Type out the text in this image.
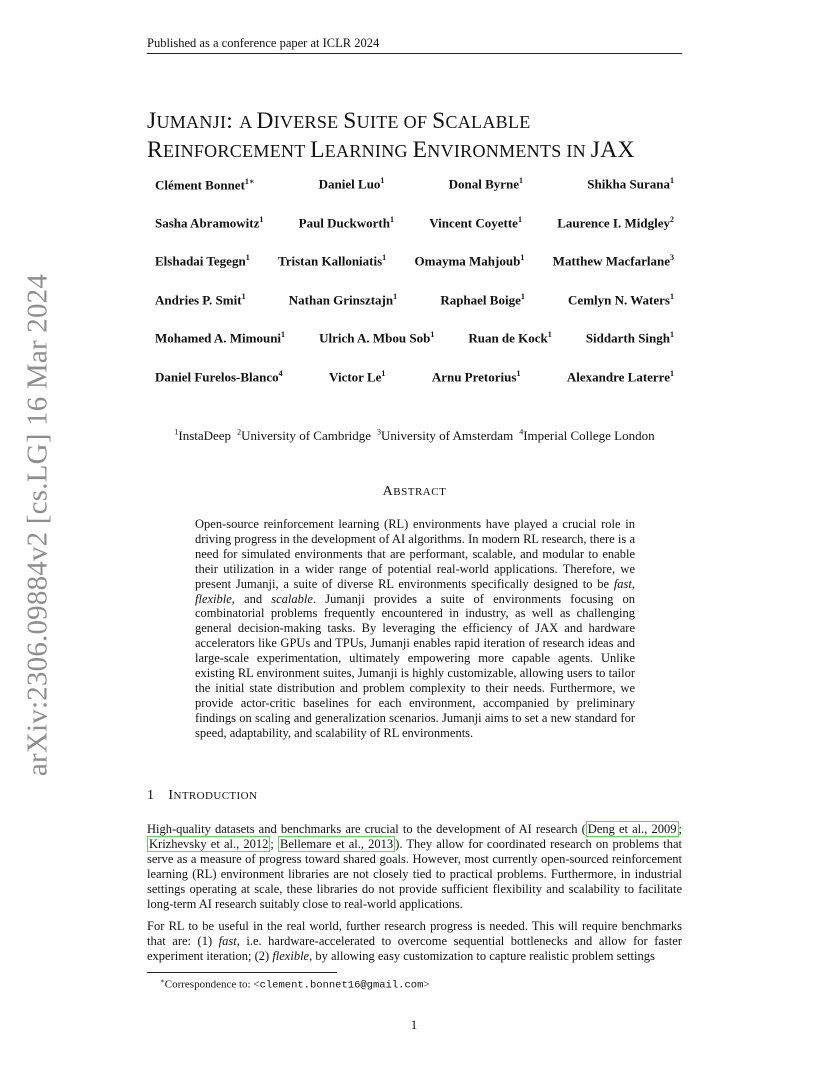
Published as a conference paper at ICLR 2024
arXiv:2306.09884v2 [cs.LG] 16 Mar 2024
JUMANJI: A DIVERSE SUITE OF SCALABLE
REINFORCEMENT LEARNING ENVIRONMENTS IN JAX
Clément Bonnet$^{1∗}$	Daniel Luo$^1$	Donal Byrne$^1$	Shikha Surana$^1$
Sasha Abramowitz$^1$	Paul Duckworth$^1$	Vincent Coyette$^1$	Laurence I. Midgley$^2$
Elshadai Tegegn$^1$ Tristan Kalloniatis$^1$ Omayma Mahjoub$^1$ Matthew Macfarlane$^3$
Andries P. Smit$^1$	Nathan Grinsztajn$^1$	Raphael Boige$^1$	Cemlyn N. Waters$^1$
Mohamed A. Mimouni$^1$	Ulrich A. Mbou Sob$^1$	Ruan de Kock$^1$	Siddarth Singh$^1$
Daniel Furelos-Blanco$^4$	Victor Le$^1$	Arnu Pretorius$^1$	Alexandre Laterre$^1$
$^1$InstaDeep $^2$University of Cambridge $^3$University of Amsterdam $^4$Imperial College London
ABSTRACT
Open-source reinforcement learning (RL) environments have played a crucial role in driving progress in the development of AI algorithms. In modern RL research, there is a need for simulated environments that are performant, scalable, and modular to enable their utilization in a wider range of potential real-world applications. Therefore, we present Jumanji, a suite of diverse RL environments specifically designed to be fast, flexible, and scalable. Jumanji provides a suite of environments focusing on combinatorial problems frequently encountered in industry, as well as challenging general decision-making tasks. By leveraging the efficiency of JAX and hardware accelerators like GPUs and TPUs, Jumanji enables rapid iteration of research ideas and large-scale experimentation, ultimately empowering more capable agents. Unlike existing RL environment suites, Jumanji is highly customizable, allowing users to tailor the initial state distribution and problem complexity to their needs. Furthermore, we provide actor-critic baselines for each environment, accompanied by preliminary findings on scaling and generalization scenarios. Jumanji aims to set a new standard for speed, adaptability, and scalability of RL environments.
1 INTRODUCTION
High-quality datasets and benchmarks are crucial to the development of AI research ( Deng et al., 2009 ; Krizhevsky et al., 2012 ; Bellemare et al., 2013 ). They allow for coordinated research on problems that serve as a measure of progress toward shared goals. However, most currently open-sourced reinforcement learning (RL) environment libraries are not closely tied to practical problems. Furthermore, in industrial settings operating at scale, these libraries do not provide sufficient flexibility and scalability to facilitate long-term AI research suitably close to real-world applications.
For RL to be useful in the real world, further research progress is needed. This will require benchmarks that are: (1) fast, i.e. hardware-accelerated to overcome sequential bottlenecks and allow for faster experiment iteration; (2) flexible, by allowing easy customization to capture realistic problem settings
∗Correspondence to: <clement.bonnet16@gmail.com>
1
